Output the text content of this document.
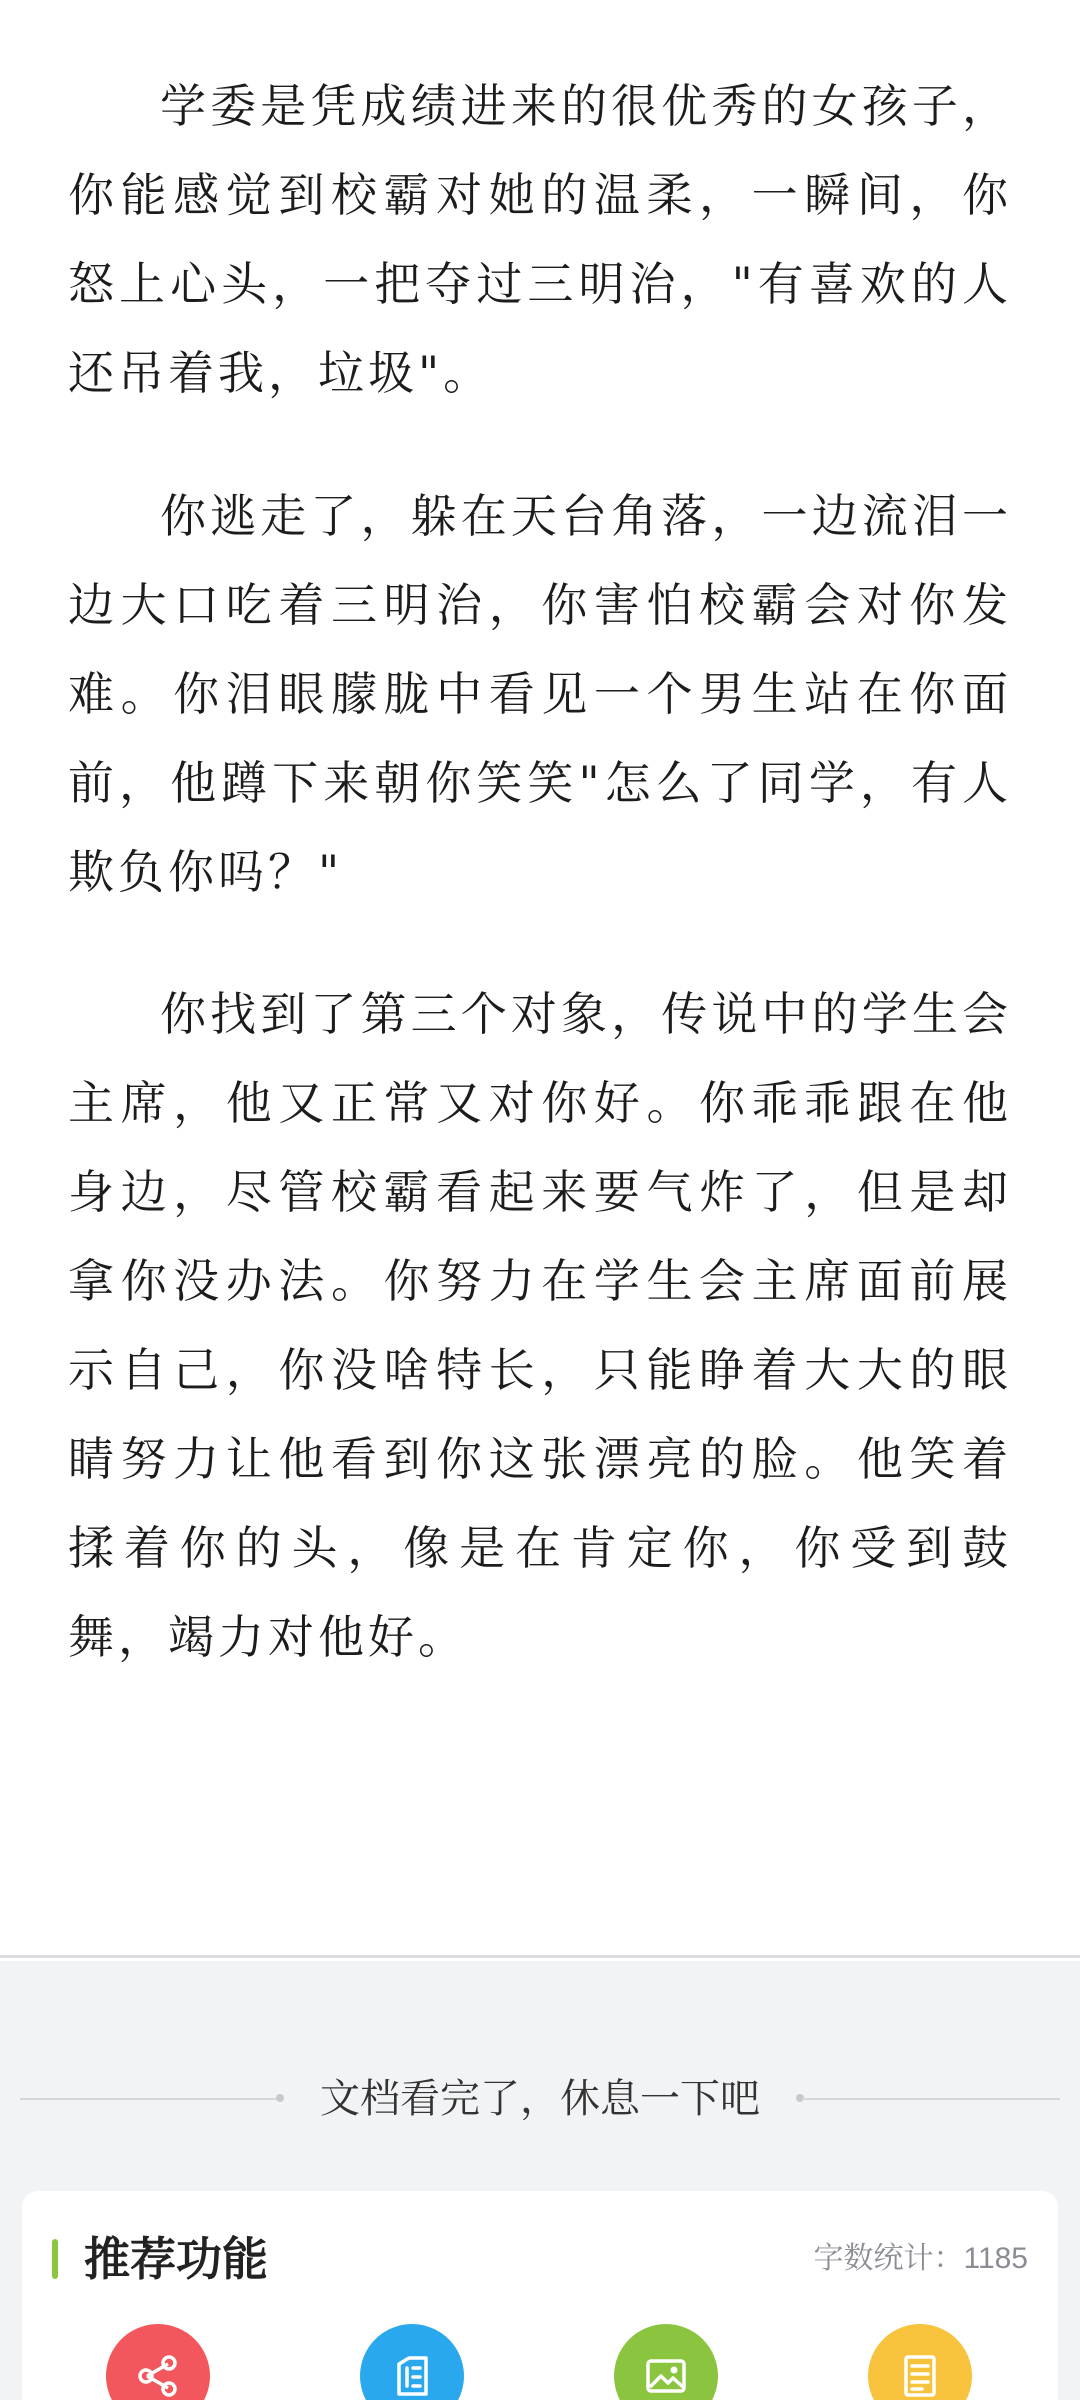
学委是凭成绩进来的很优秀的女孩子，你能感觉到校霸对她的温柔，一瞬间，你怒上心头，一把夺过三明治，"有喜欢的人还吊着我，垃圾"。

你逃走了，躲在天台角落，一边流泪一边大口吃着三明治，你害怕校霸会对你发难。你泪眼朦胧中看见一个男生站在你面前，他蹲下来朝你笑笑"怎么了同学，有人欺负你吗？"

你找到了第三个对象，传说中的学生会主席，他又正常又对你好。你乖乖跟在他身边，尽管校霸看起来要气炸了，但是却拿你没办法。你努力在学生会主席面前展示自己，你没啥特长，只能睁着大大的眼睛努力让他看到你这张漂亮的脸。他笑着揉着你的头，像是在肯定你，你受到鼓舞，竭力对他好。

文档看完了，休息一下吧
推荐功能	字数统计：1185
